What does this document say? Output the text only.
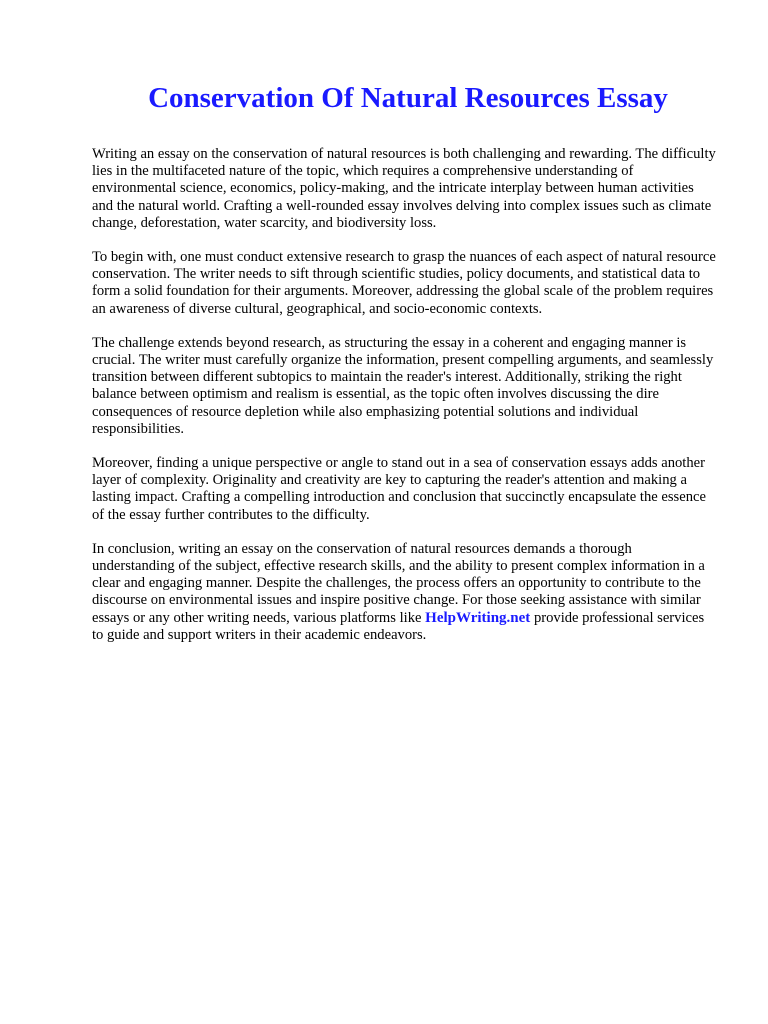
Conservation Of Natural Resources Essay

Writing an essay on the conservation of natural resources is both challenging and rewarding. The difficulty lies in the multifaceted nature of the topic, which requires a comprehensive understanding of environmental science, economics, policy-making, and the intricate interplay between human activities and the natural world. Crafting a well-rounded essay involves delving into complex issues such as climate change, deforestation, water scarcity, and biodiversity loss.

To begin with, one must conduct extensive research to grasp the nuances of each aspect of natural resource conservation. The writer needs to sift through scientific studies, policy documents, and statistical data to form a solid foundation for their arguments. Moreover, addressing the global scale of the problem requires an awareness of diverse cultural, geographical, and socio-economic contexts.

The challenge extends beyond research, as structuring the essay in a coherent and engaging manner is crucial. The writer must carefully organize the information, present compelling arguments, and seamlessly transition between different subtopics to maintain the reader's interest. Additionally, striking the right balance between optimism and realism is essential, as the topic often involves discussing the dire consequences of resource depletion while also emphasizing potential solutions and individual responsibilities.

Moreover, finding a unique perspective or angle to stand out in a sea of conservation essays adds another layer of complexity. Originality and creativity are key to capturing the reader's attention and making a lasting impact. Crafting a compelling introduction and conclusion that succinctly encapsulate the essence of the essay further contributes to the difficulty.

In conclusion, writing an essay on the conservation of natural resources demands a thorough understanding of the subject, effective research skills, and the ability to present complex information in a clear and engaging manner. Despite the challenges, the process offers an opportunity to contribute to the discourse on environmental issues and inspire positive change. For those seeking assistance with similar essays or any other writing needs, various platforms like HelpWriting.net provide professional services to guide and support writers in their academic endeavors.
